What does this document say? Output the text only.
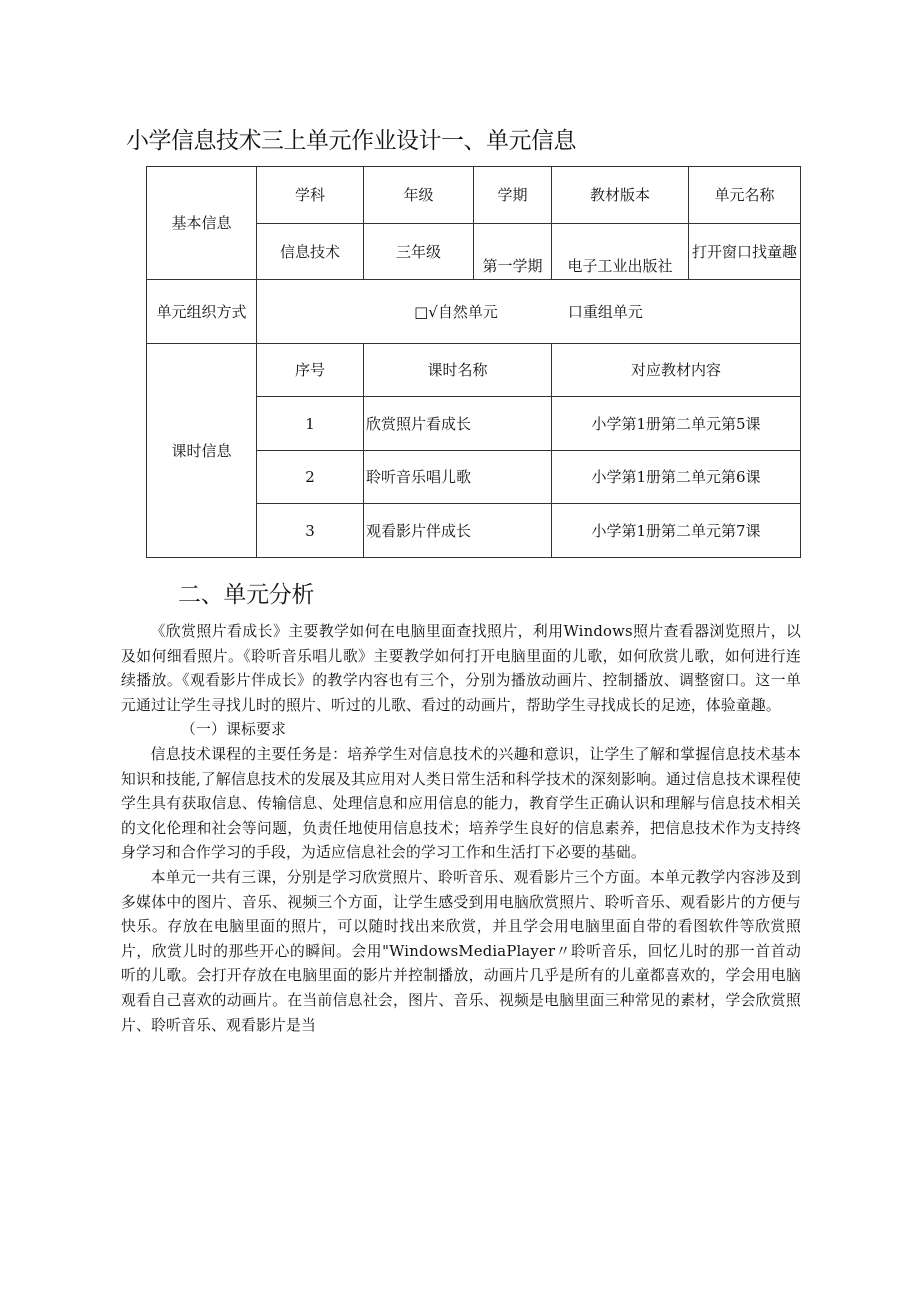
小学信息技术三上单元作业设计一、单元信息
基本信息	学科	年级	学期	教材版本	单元名称
	信息技术	三年级	第一学期	电子工业出版社	打开窗口找童趣
单元组织方式	□√自然单元 口重组单元				
课时信息	序号	课时名称		对应教材内容	
	1	欣赏照片看成长		小学第1册第二单元第5课	
	2	聆听音乐唱儿歌		小学第1册第二单元第6课	
	3	观看影片伴成长		小学第1册第二单元第7课	
二、单元分析

《欣赏照片看成长》主要教学如何在电脑里面查找照片，利用Windows照片查看器浏览照片，以及如何细看照片。《聆听音乐唱儿歌》主要教学如何打开电脑里面的儿歌，如何欣赏儿歌，如何进行连续播放。《观看影片伴成长》的教学内容也有三个，分别为播放动画片、控制播放、调整窗口。这一单元通过让学生寻找儿时的照片、听过的儿歌、看过的动画片，帮助学生寻找成长的足迹，体验童趣。

（一）课标要求

信息技术课程的主要任务是：培养学生对信息技术的兴趣和意识，让学生了解和掌握信息技术基本知识和技能,了解信息技术的发展及其应用对人类日常生活和科学技术的深刻影响。通过信息技术课程使学生具有获取信息、传输信息、处理信息和应用信息的能力，教育学生正确认识和理解与信息技术相关的文化伦理和社会等问题，负责任地使用信息技术；培养学生良好的信息素养，把信息技术作为支持终身学习和合作学习的手段，为适应信息社会的学习工作和生活打下必要的基础。

本单元一共有三课，分别是学习欣赏照片、聆听音乐、观看影片三个方面。本单元教学内容涉及到多媒体中的图片、音乐、视频三个方面，让学生感受到用电脑欣赏照片、聆听音乐、观看影片的方便与快乐。存放在电脑里面的照片，可以随时找出来欣赏，并且学会用电脑里面自带的看图软件等欣赏照片，欣赏儿时的那些开心的瞬间。会用"WindowsMediaPlayer〃聆听音乐，回忆儿时的那一首首动听的儿歌。会打开存放在电脑里面的影片并控制播放，动画片几乎是所有的儿童都喜欢的，学会用电脑观看自己喜欢的动画片。在当前信息社会，图片、音乐、视频是电脑里面三种常见的素材，学会欣赏照片、聆听音乐、观看影片是当
